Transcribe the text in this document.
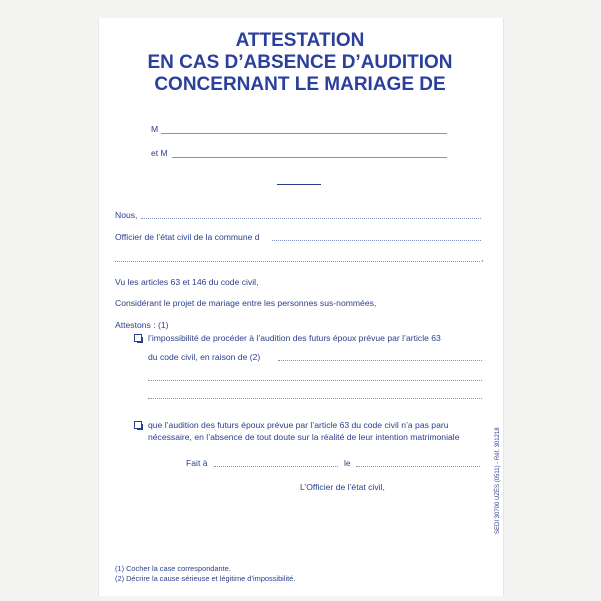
ATTESTATION
EN CAS D’ABSENCE D’AUDITION
CONCERNANT LE MARIAGE DE
M
et M
Nous,
Officier de l’état civil de la commune d
,
Vu les articles 63 et 146 du code civil,
Considérant le projet de mariage entre les personnes sus-nommées,
Attestons : (1)
l’impossibilité de procéder à l’audition des futurs époux prévue par l’article 63
du code civil, en raison de (2)
que l’audition des futurs époux prévue par l’article 63 du code civil n’a pas paru
nécessaire, en l’absence de tout doute sur la réalité de leur intention matrimoniale
Fait à	le
L’Officier de l’état civil,	SEDI 30700 UZÈS (0511) - Réf. 301218
(1) Cocher la case correspondante.
(2) Décrire la cause sérieuse et légitime d’impossibilité.
